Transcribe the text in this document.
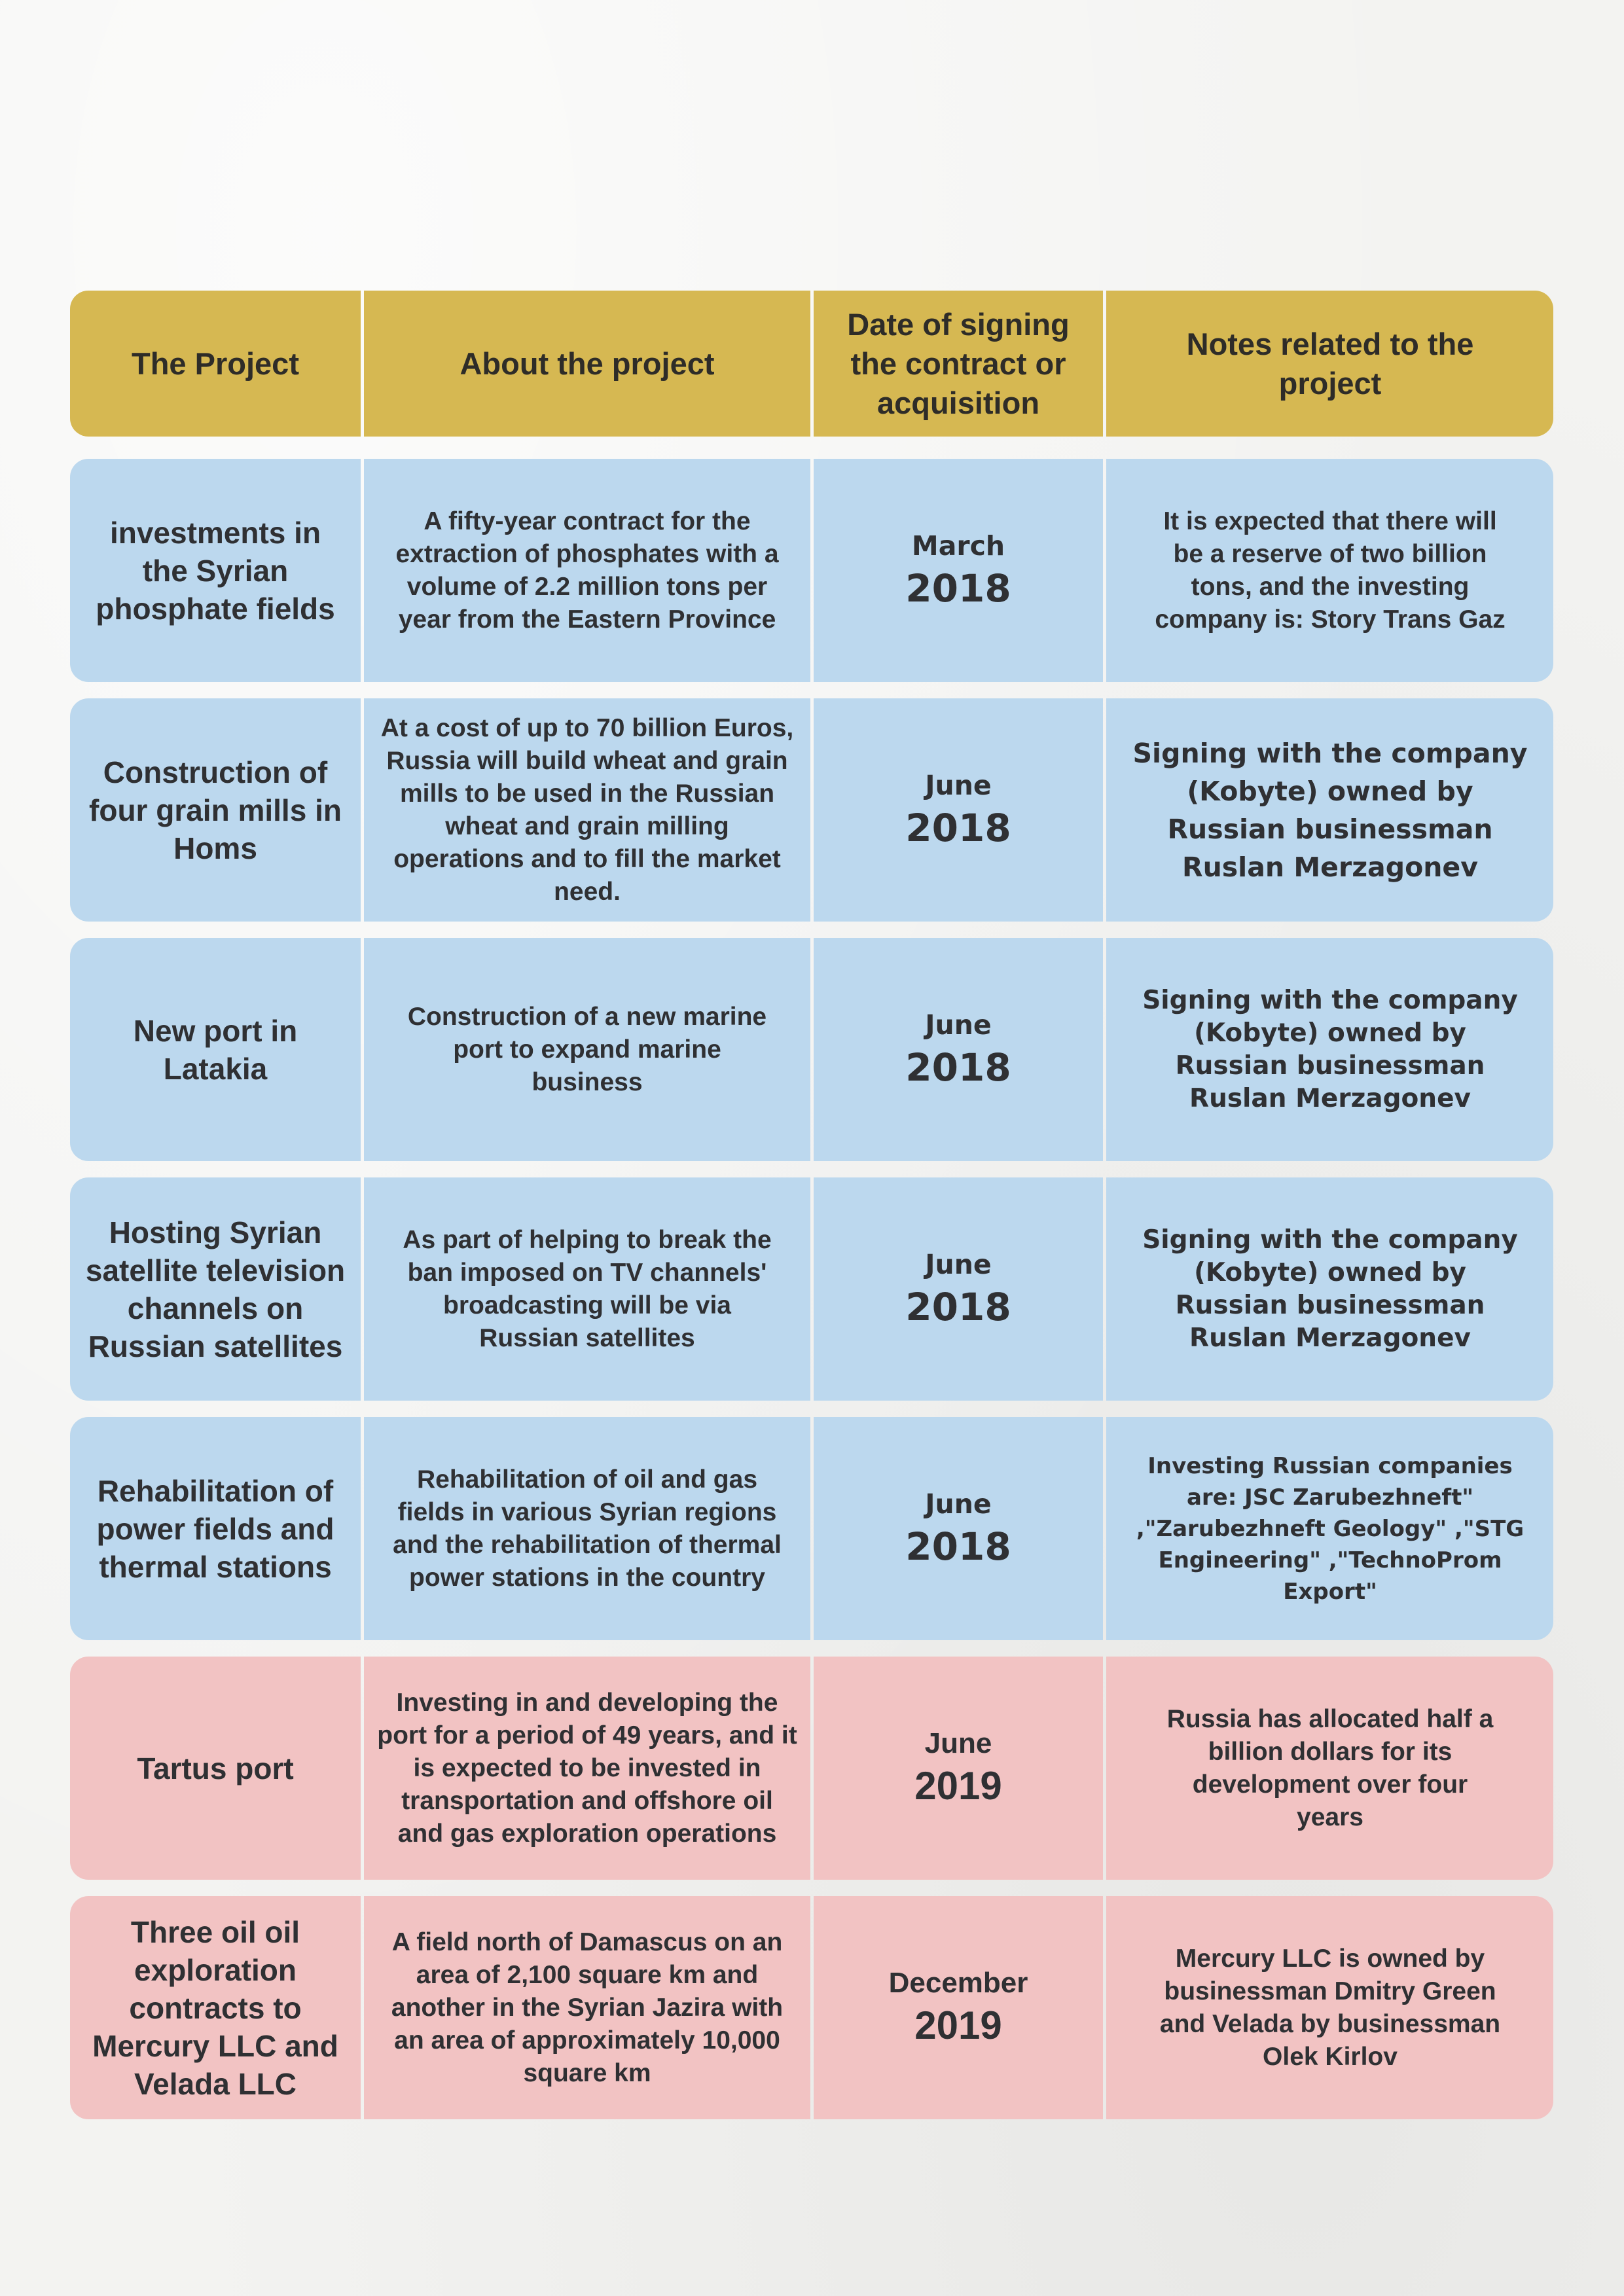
The Project	About the project
Date of signing the contract or acquisition
Notes related to the project
investments in the Syrian phosphate fields
A fifty-year contract for the extraction of phosphates with a volume of 2.2 million tons per year from the Eastern Province
March
2018
It is expected that there will be a reserve of two billion tons, and the investing company is: Story Trans Gaz
Construction of four grain mills in Homs
At a cost of up to 70 billion Euros, Russia will build wheat and grain mills to be used in the Russian wheat and grain milling operations and to fill the market need.
June
2018
Signing with the company (Kobyte) owned by Russian businessman Ruslan Merzagonev
New port in Latakia
Construction of a new marine port to expand marine business
June
2018
Signing with the company (Kobyte) owned by Russian businessman Ruslan Merzagonev
Hosting Syrian satellite television channels on Russian satellites
As part of helping to break the ban imposed on TV channels' broadcasting will be via Russian satellites
June
2018
Signing with the company (Kobyte) owned by Russian businessman Ruslan Merzagonev
Rehabilitation of power fields and thermal stations
Rehabilitation of oil and gas fields in various Syrian regions and the rehabilitation of thermal power stations in the country
June
2018
Investing Russian companies are: JSC Zarubezhneft" ,"Zarubezhneft Geology" ,"STG Engineering" ,"TechnoProm Export"
Tartus port
Investing in and developing the port for a period of 49 years, and it is expected to be invested in transportation and offshore oil and gas exploration operations
June
2019
Russia has allocated half a billion dollars for its development over four years
Three oil oil exploration contracts to Mercury LLC and Velada LLC
A field north of Damascus on an area of 2,100 square km and another in the Syrian Jazira with an area of approximately 10,000 square km
December
2019
Mercury LLC is owned by businessman Dmitry Green and Velada by businessman Olek Kirlov
